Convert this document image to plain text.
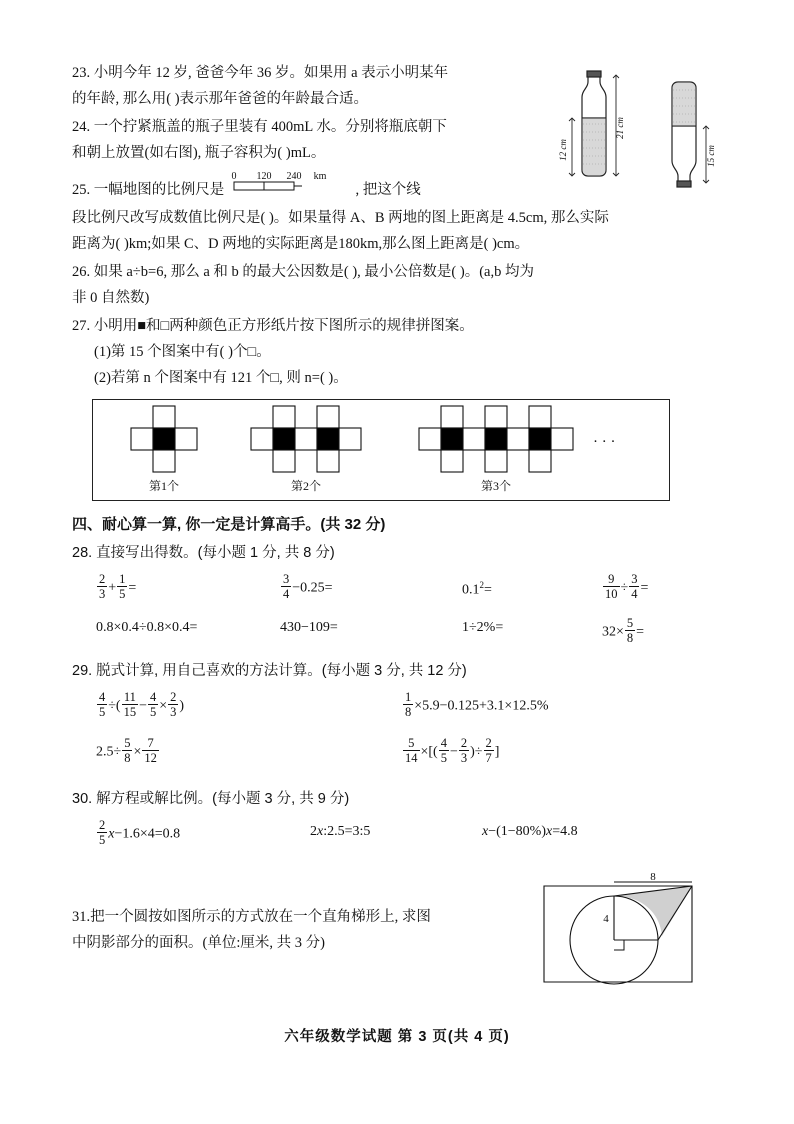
23. 小明今年 12 岁, 爸爸今年 36 岁。如果用 a 表示小明某年
的年龄, 那么用( )表示那年爸爸的年龄最合适。
12 cm
21 cm
15 cm
24. 一个拧紧瓶盖的瓶子里装有 400mL 水。分别将瓶底朝下
和朝上放置(如右图), 瓶子容积为( )mL。
25. 一幅地图的比例尺是
0 120 240 km
, 把这个线
段比例尺改写成数值比例尺是( )。如果量得 A、B 两地的图上距离是 4.5cm, 那么实际
距离为( )km;如果 C、D 两地的实际距离是180km,那么图上距离是( )cm。
26. 如果 a÷b=6, 那么 a 和 b 的最大公因数是( ), 最小公倍数是( )。(a,b 均为
非 0 自然数)
27. 小明用■和□两种颜色正方形纸片按下图所示的规律拼图案。
(1)第 15 个图案中有( )个□。
(2)若第 n 个图案中有 121 个□, 则 n=( )。
· · ·
第1个	第2个	第3个
四、耐心算一算, 你一定是计算高手。(共 32 分)
28. 直接写出得数。(每小题 1 分, 共 8 分)
$\frac{2}{3} + \frac{1}{5}$ =	$\frac{3}{4} -0.25=$	$0.1^2=$	$\frac{9}{10} \div \frac{3}{4}$ =
0.8×0.4÷0.8×0.4=	430−109=	1÷2%=	$32\times \frac{5}{8}$ =
29. 脱式计算, 用自己喜欢的方法计算。(每小题 3 分, 共 12 分)
$\frac{4}{5}$ ÷( $\frac{11}{15} - \frac{4}{5} \times \frac{2}{3}$ )	$\frac{1}{8} \times 5.9-0.125+3.1\times 12.5\%$
$2.5\div \frac{5}{8} \times \frac{7}{12}$	$\frac{5}{14}$ ×[( $\frac{4}{5} - \frac{2}{3}$ )÷ $\frac{2}{7}$ ]
30. 解方程或解比例。(每小题 3 分, 共 9 分)
$\frac{2}{5} x-1.6\times 4=0.8$	2x:2.5=3:5	x−(1−80%)x=4.8
31.把一个圆按如图所示的方式放在一个直角梯形上, 求图
中阴影部分的面积。(单位:厘米, 共 3 分)
8
4
六年级数学试题 第 3 页(共 4 页)
